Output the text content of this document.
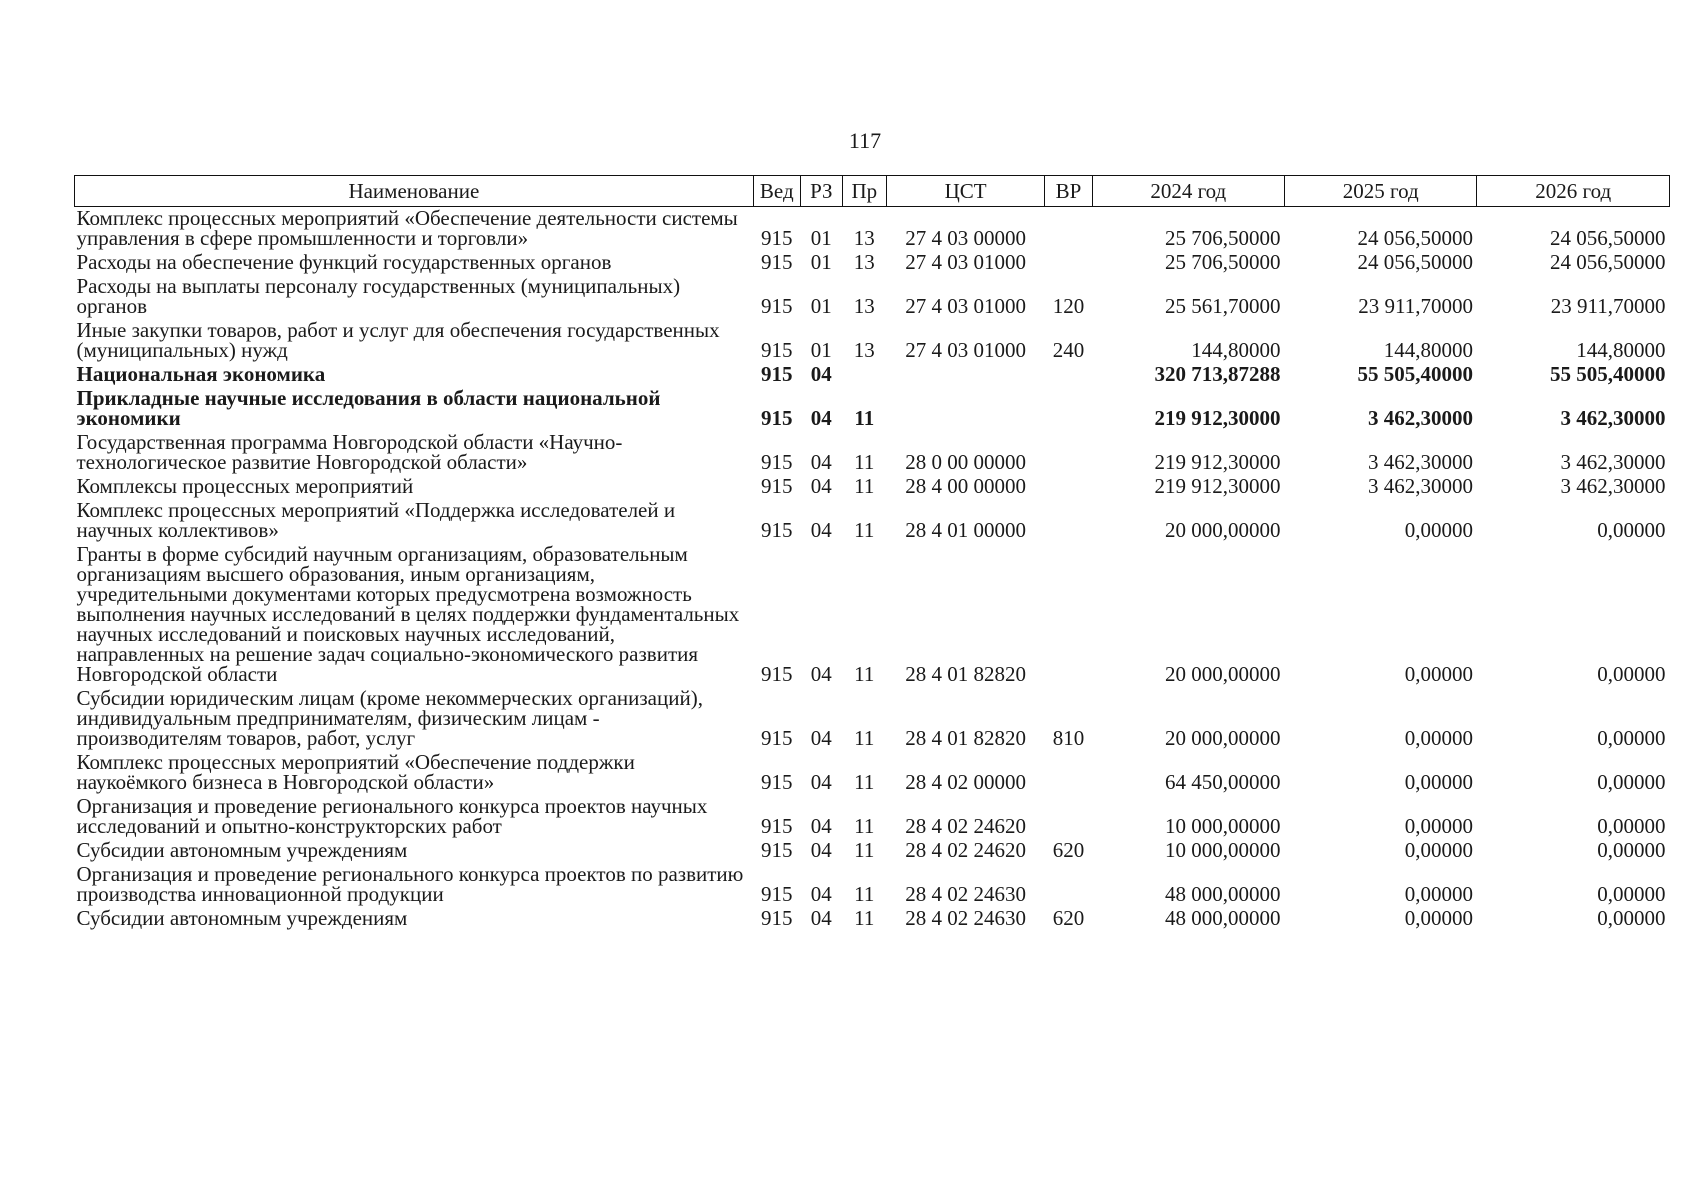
117
Наименование	Вед	РЗ	Пр	ЦСТ	ВР	2024 год	2025 год	2026 год
Комплекс процессных мероприятий «Обеспечение деятельности системы управления в сфере промышленности и торговли»	915	01	13	27 4 03 00000		25 706,50000	24 056,50000	24 056,50000
Расходы на обеспечение функций государственных органов	915	01	13	27 4 03 01000		25 706,50000	24 056,50000	24 056,50000
Расходы на выплаты персоналу государственных (муниципальных) органов	915	01	13	27 4 03 01000	120	25 561,70000	23 911,70000	23 911,70000
Иные закупки товаров, работ и услуг для обеспечения государственных (муниципальных) нужд	915	01	13	27 4 03 01000	240	144,80000	144,80000	144,80000
Национальная экономика	915	04				320 713,87288	55 505,40000	55 505,40000
Прикладные научные исследования в области национальной экономики	915	04	11			219 912,30000	3 462,30000	3 462,30000
Государственная программа Новгородской области «Научно-технологическое развитие Новгородской области»	915	04	11	28 0 00 00000		219 912,30000	3 462,30000	3 462,30000
Комплексы процессных мероприятий	915	04	11	28 4 00 00000		219 912,30000	3 462,30000	3 462,30000
Комплекс процессных мероприятий «Поддержка исследователей и научных коллективов»	915	04	11	28 4 01 00000		20 000,00000	0,00000	0,00000
Гранты в форме субсидий научным организациям, образовательным организациям высшего образования, иным организациям, учредительными документами которых предусмотрена возможность выполнения научных исследований в целях поддержки фундаментальных научных исследований и поисковых научных исследований, направленных на решение задач социально-экономического развития Новгородской области	915	04	11	28 4 01 82820		20 000,00000	0,00000	0,00000
Субсидии юридическим лицам (кроме некоммерческих организаций), индивидуальным предпринимателям, физическим лицам - производителям товаров, работ, услуг	915	04	11	28 4 01 82820	810	20 000,00000	0,00000	0,00000
Комплекс процессных мероприятий «Обеспечение поддержки наукоёмкого бизнеса в Новгородской области»	915	04	11	28 4 02 00000		64 450,00000	0,00000	0,00000
Организация и проведение регионального конкурса проектов научных исследований и опытно-конструкторских работ	915	04	11	28 4 02 24620		10 000,00000	0,00000	0,00000
Субсидии автономным учреждениям	915	04	11	28 4 02 24620	620	10 000,00000	0,00000	0,00000
Организация и проведение регионального конкурса проектов по развитию производства инновационной продукции	915	04	11	28 4 02 24630		48 000,00000	0,00000	0,00000
Субсидии автономным учреждениям	915	04	11	28 4 02 24630	620	48 000,00000	0,00000	0,00000
